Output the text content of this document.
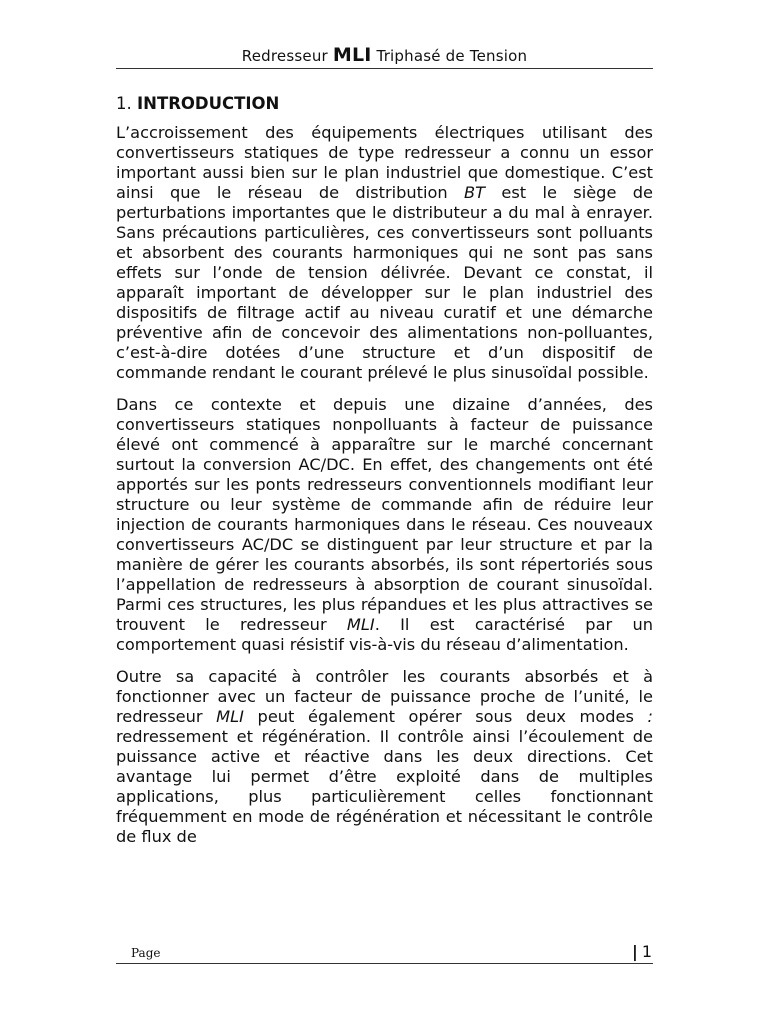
Redresseur MLI Triphasé de Tension
1. INTRODUCTION

L’accroissement des équipements électriques utilisant des convertisseurs statiques de type redresseur a connu un essor important aussi bien sur le plan industriel que domestique. C’est ainsi que le réseau de distribution BT est le siège de perturbations importantes que le distributeur a du mal à enrayer. Sans précautions particulières, ces convertisseurs sont polluants et absorbent des courants harmoniques qui ne sont pas sans effets sur l’onde de tension délivrée. Devant ce constat, il apparaît important de développer sur le plan industriel des dispositifs de filtrage actif au niveau curatif et une démarche préventive afin de concevoir des alimentations non-polluantes, c’est-à-dire dotées d’une structure et d’un dispositif de commande rendant le courant prélevé le plus sinusoïdal possible.

Dans ce contexte et depuis une dizaine d’années, des convertisseurs statiques nonpolluants à facteur de puissance élevé ont commencé à apparaître sur le marché concernant surtout la conversion AC/DC. En effet, des changements ont été apportés sur les ponts redresseurs conventionnels modifiant leur structure ou leur système de commande afin de réduire leur injection de courants harmoniques dans le réseau. Ces nouveaux convertisseurs AC/DC se distinguent par leur structure et par la manière de gérer les courants absorbés, ils sont répertoriés sous l’appellation de redresseurs à absorption de courant sinusoïdal. Parmi ces structures, les plus répandues et les plus attractives se trouvent le redresseur MLI. Il est caractérisé par un comportement quasi résistif vis-à-vis du réseau d’alimentation.

Outre sa capacité à contrôler les courants absorbés et à fonctionner avec un facteur de puissance proche de l’unité, le redresseur MLI peut également opérer sous deux modes : redressement et régénération. Il contrôle ainsi l’écoulement de puissance active et réactive dans les deux directions. Cet avantage lui permet d’être exploité dans de multiples applications, plus particulièrement celles fonctionnant fréquemment en mode de régénération et nécessitant le contrôle de flux de

Page	| 1
